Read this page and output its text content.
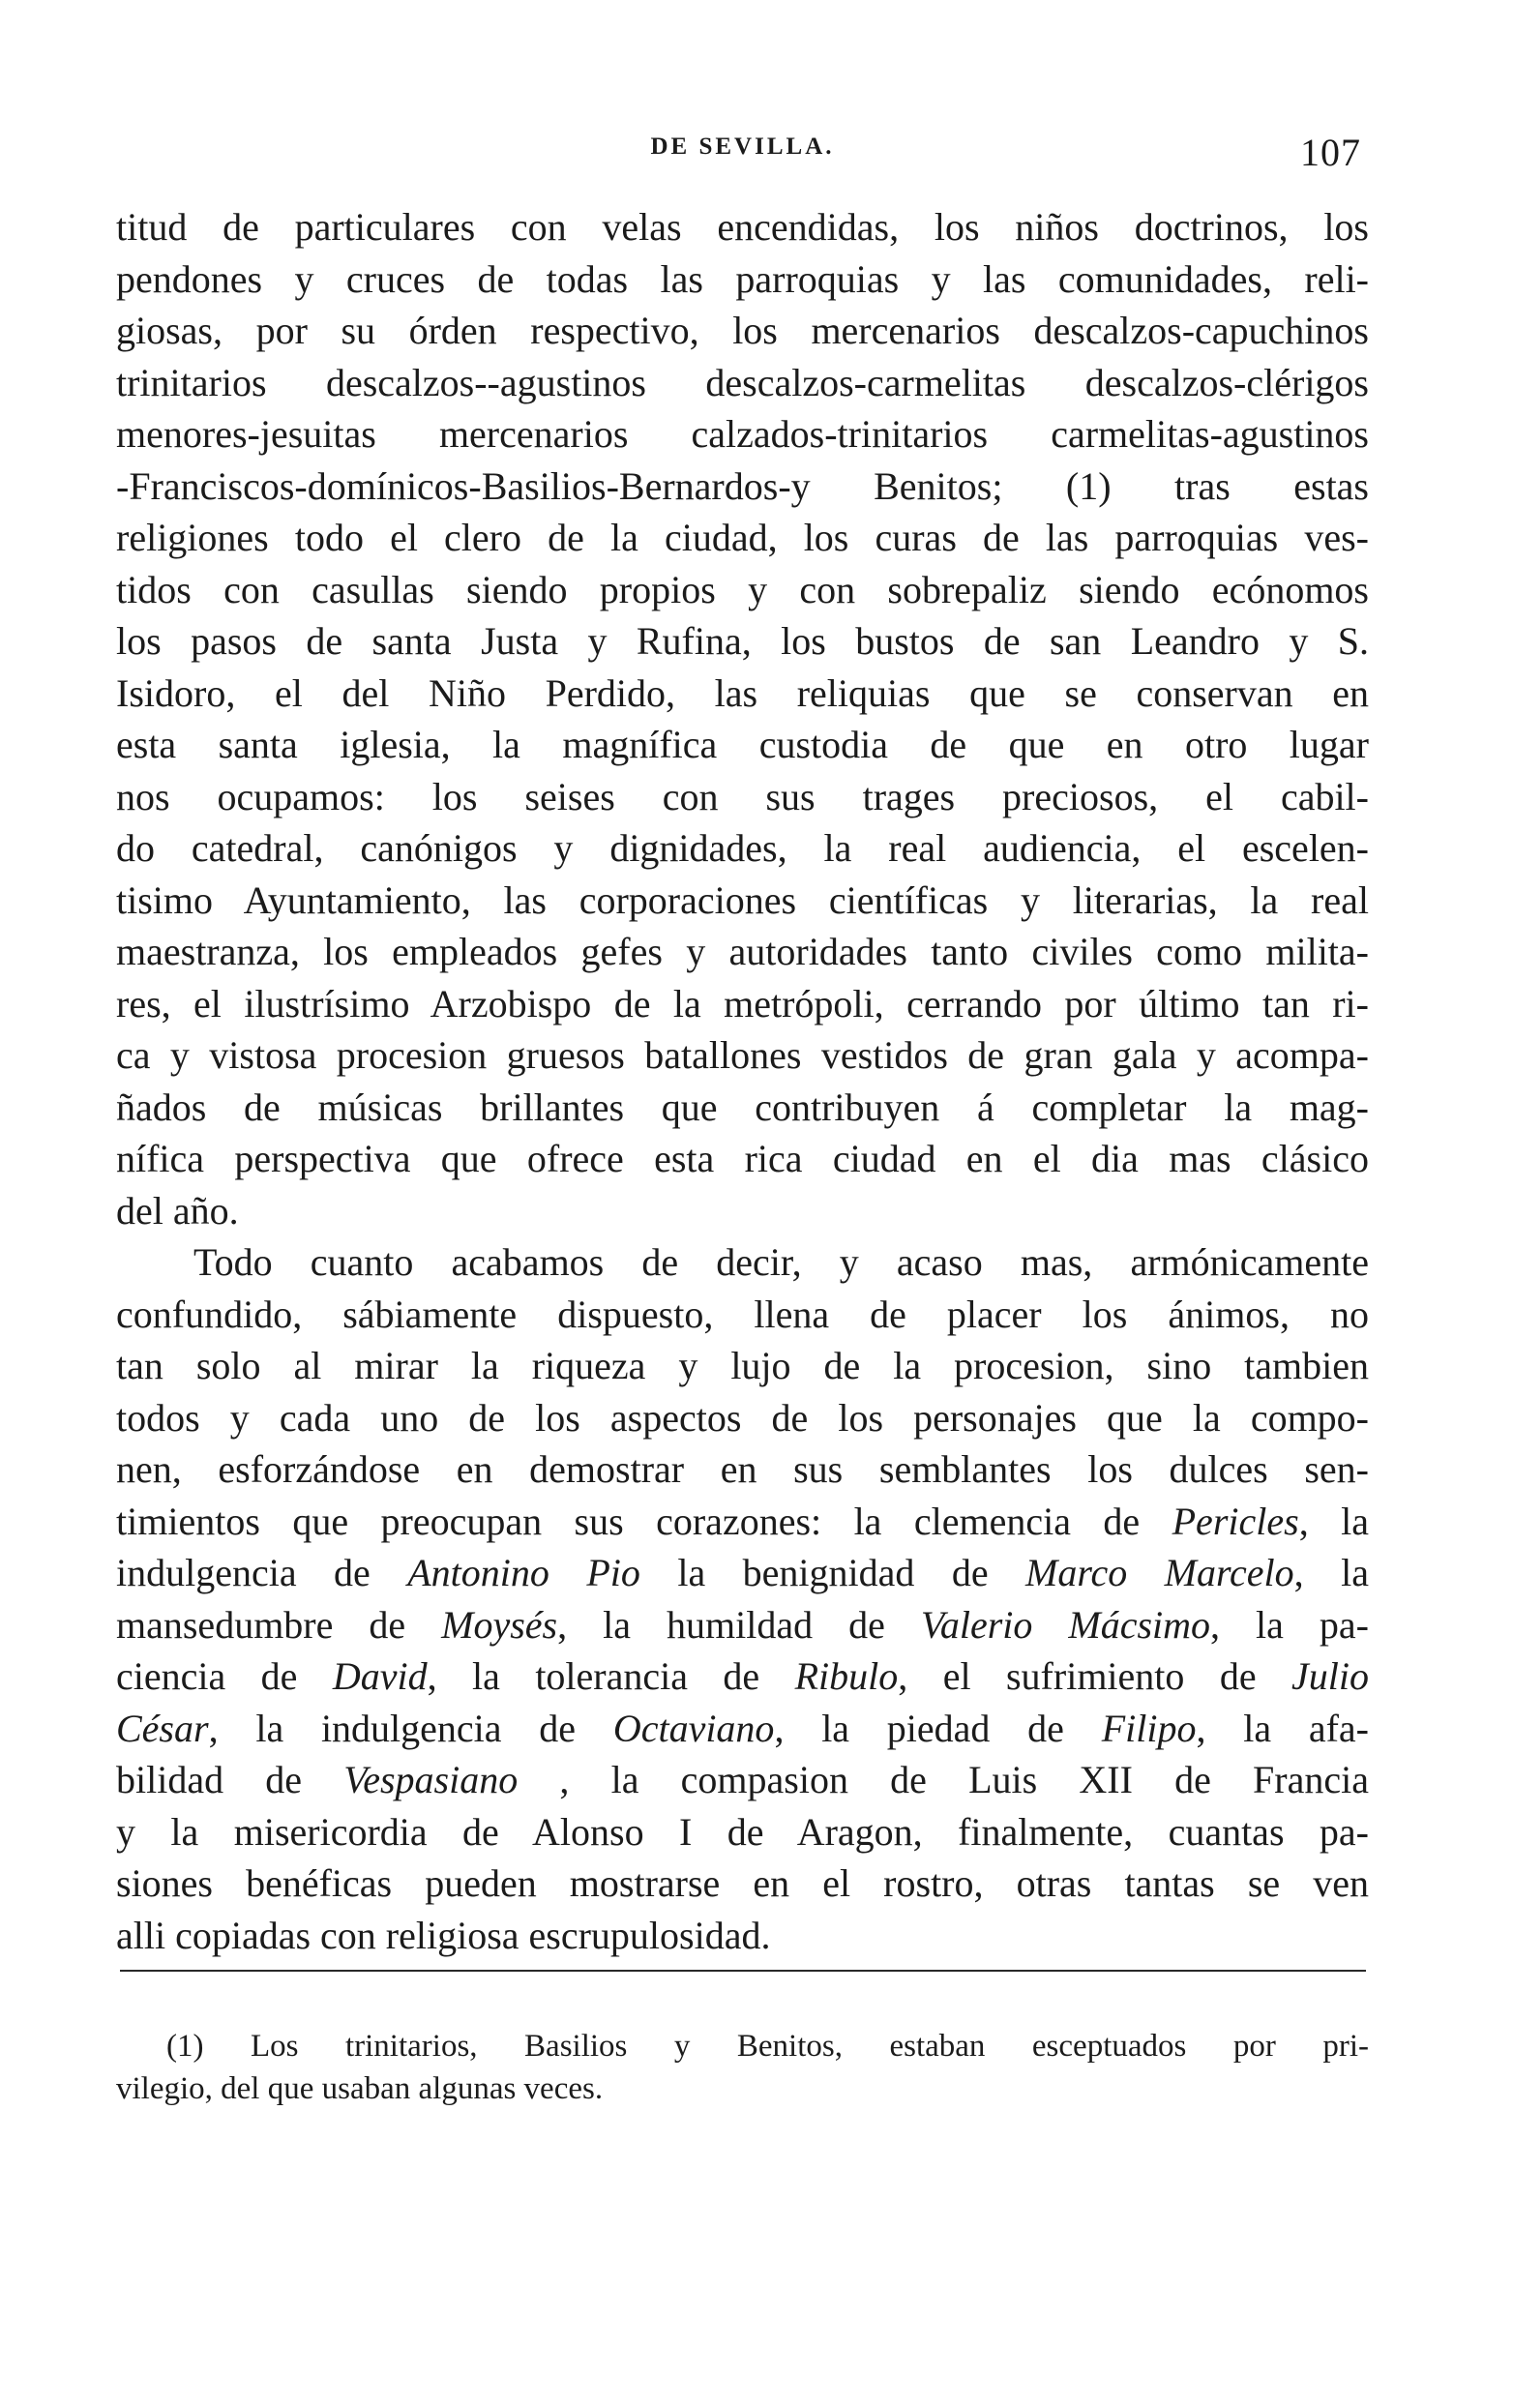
DE SEVILLA.	107
titud de particulares con velas encendidas, los niños doctrinos, los
pendones y cruces de todas las parroquias y las comunidades, reli-
giosas, por su órden respectivo, los mercenarios descalzos-capuchinos
trinitarios descalzos--agustinos descalzos-carmelitas descalzos-clérigos
menores-jesuitas mercenarios calzados-trinitarios carmelitas-agustinos
-Franciscos-domínicos-Basilios-Bernardos-y Benitos; (1) tras estas
religiones todo el clero de la ciudad, los curas de las parroquias ves-
tidos con casullas siendo propios y con sobrepaliz siendo ecónomos
los pasos de santa Justa y Rufina, los bustos de san Leandro y S.
Isidoro, el del Niño Perdido, las reliquias que se conservan en
esta santa iglesia, la magnífica custodia de que en otro lugar
nos ocupamos: los seises con sus trages preciosos, el cabil-
do catedral, canónigos y dignidades, la real audiencia, el escelen-
tisimo Ayuntamiento, las corporaciones científicas y literarias, la real
maestranza, los empleados gefes y autoridades tanto civiles como milita-
res, el ilustrísimo Arzobispo de la metrópoli, cerrando por último tan ri-
ca y vistosa procesion gruesos batallones vestidos de gran gala y acompa-
ñados de músicas brillantes que contribuyen á completar la mag-
nífica perspectiva que ofrece esta rica ciudad en el dia mas clásico
del año.
Todo cuanto acabamos de decir, y acaso mas, armónicamente
confundido, sábiamente dispuesto, llena de placer los ánimos, no
tan solo al mirar la riqueza y lujo de la procesion, sino tambien
todos y cada uno de los aspectos de los personajes que la compo-
nen, esforzándose en demostrar en sus semblantes los dulces sen-
timientos que preocupan sus corazones: la clemencia de Pericles, la
indulgencia de Antonino Pio la benignidad de Marco Marcelo, la
mansedumbre de Moysés, la humildad de Valerio Mácsimo, la pa-
ciencia de David, la tolerancia de Ribulo, el sufrimiento de Julio
César, la indulgencia de Octaviano, la piedad de Filipo, la afa-
bilidad de Vespasiano , la compasion de Luis XII de Francia
y la misericordia de Alonso I de Aragon, finalmente, cuantas pa-
siones benéficas pueden mostrarse en el rostro, otras tantas se ven
alli copiadas con religiosa escrupulosidad.
(1) Los trinitarios, Basilios y Benitos, estaban esceptuados por pri-
vilegio, del que usaban algunas veces.
